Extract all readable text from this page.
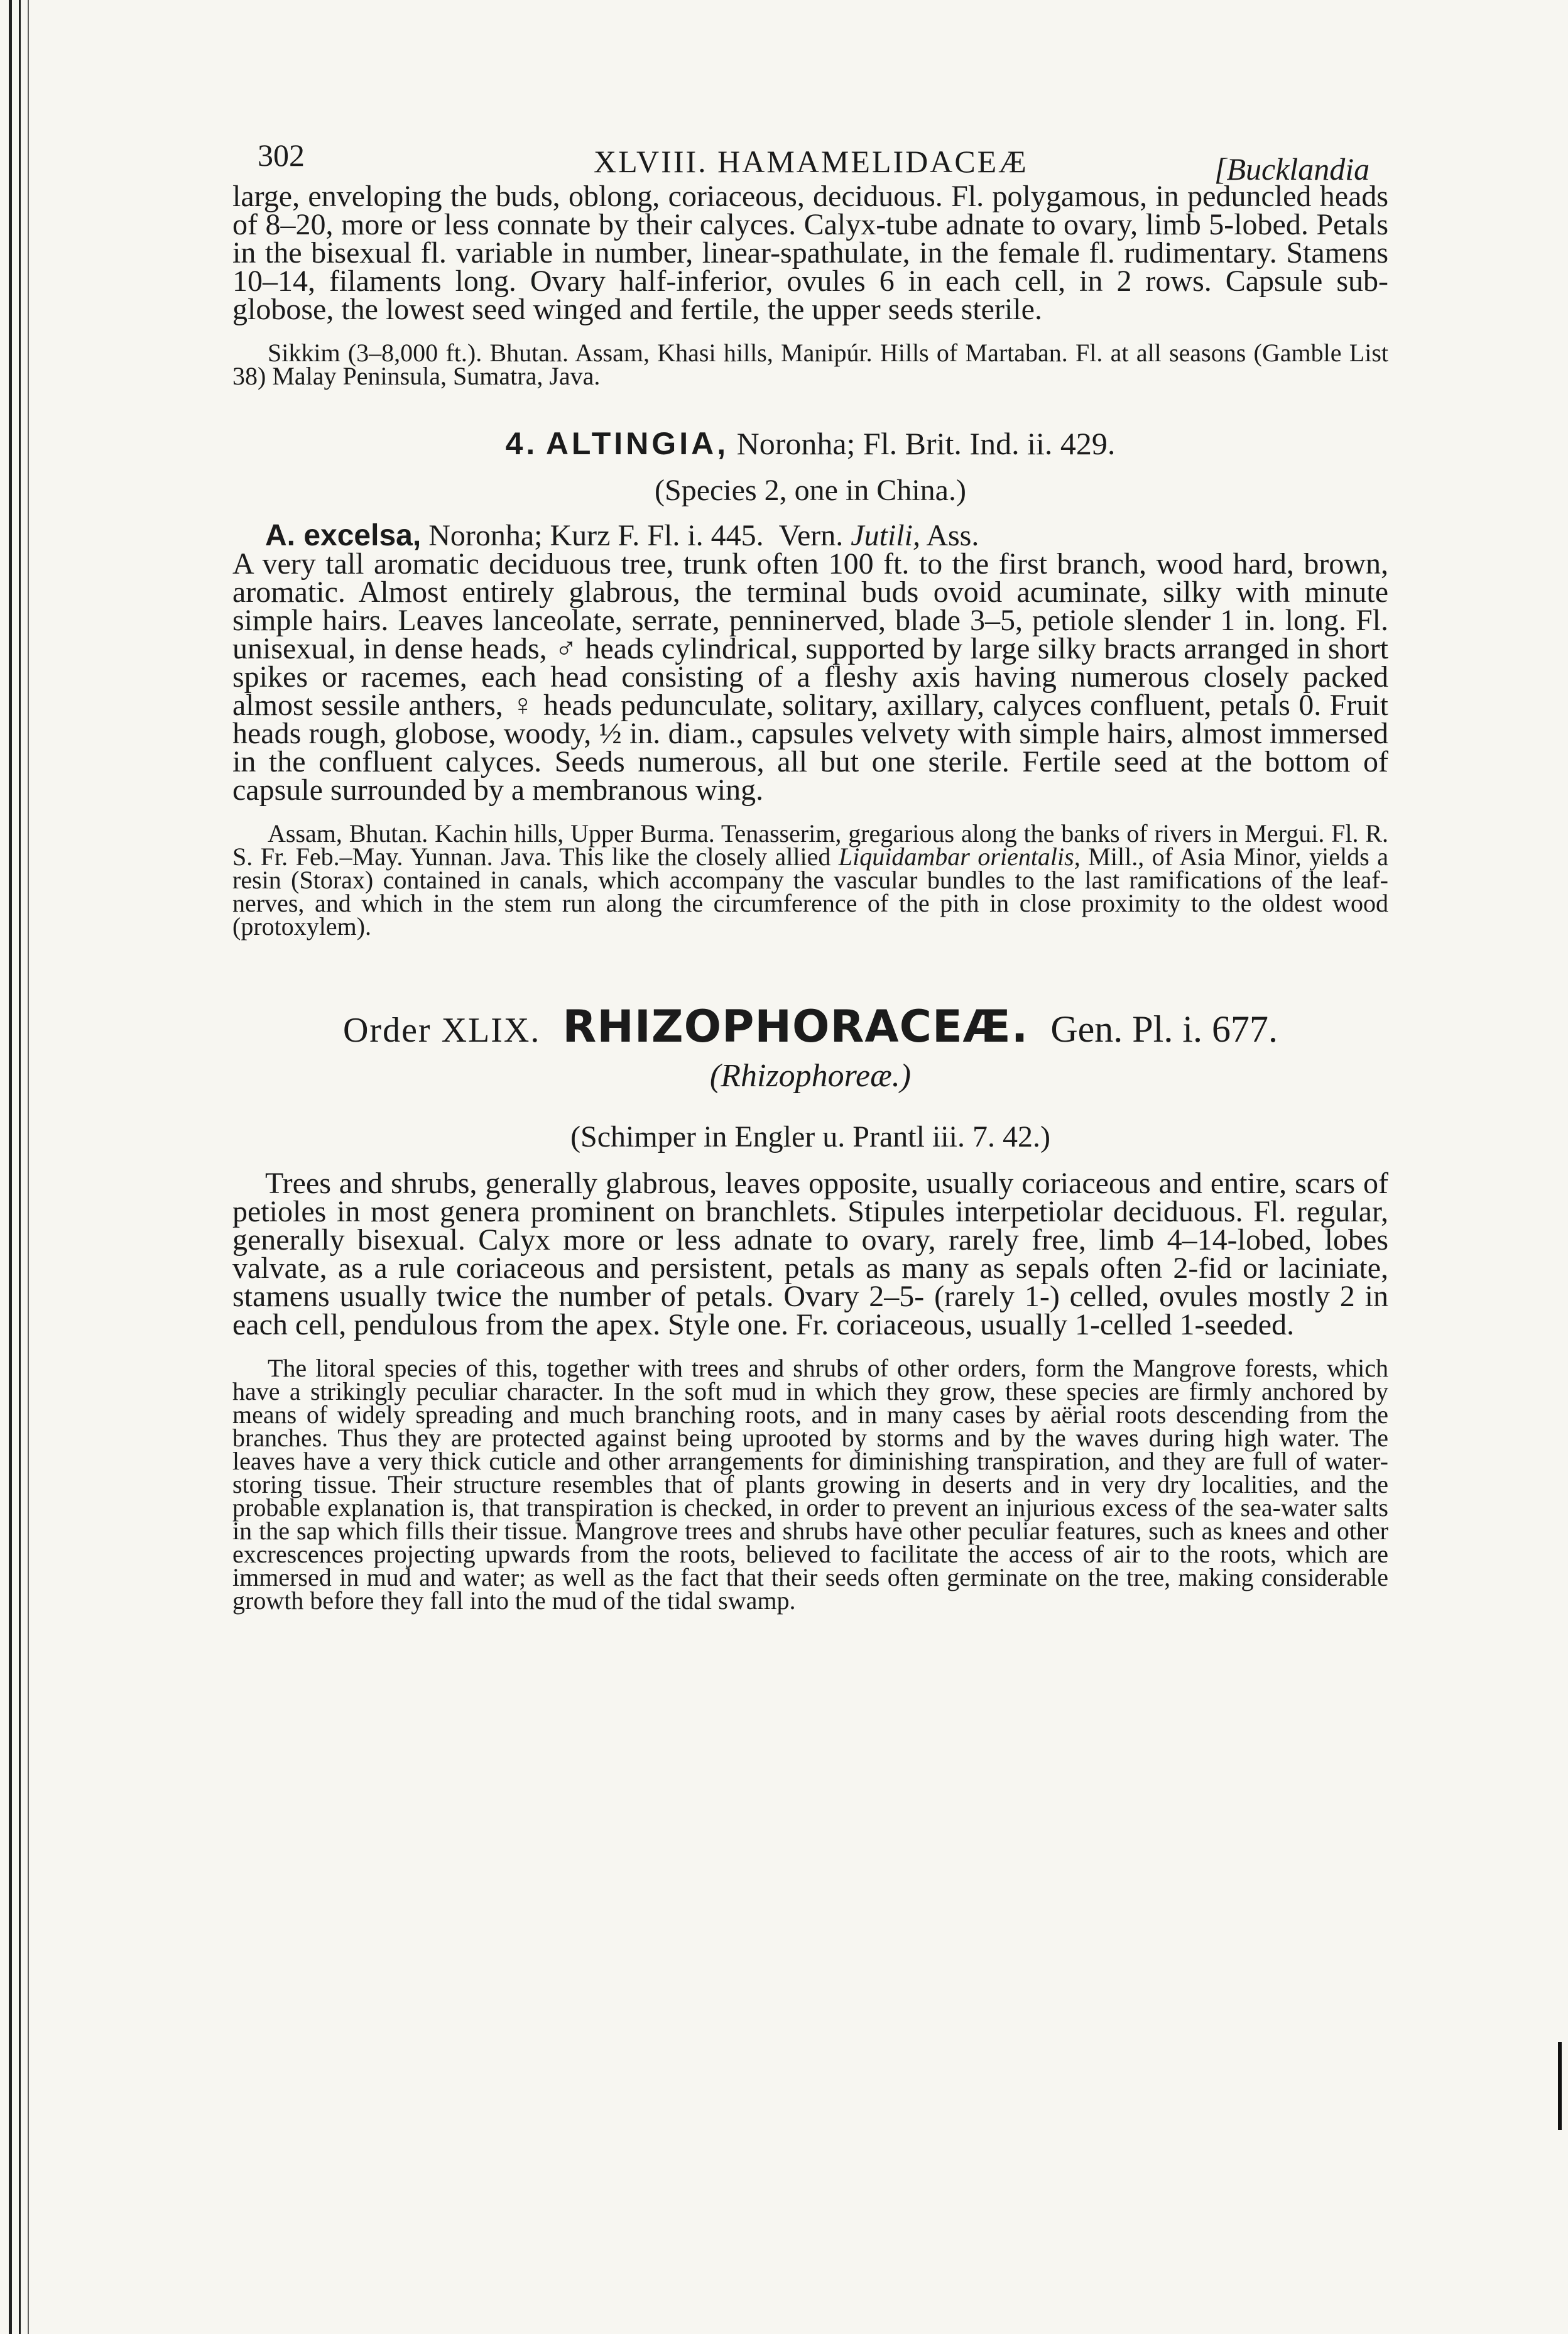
302	XLVIII. HAMAMELIDACEÆ	[Bucklandia

large, enveloping the buds, oblong, coriaceous, deciduous. Fl. polygamous, in peduncled heads of 8–20, more or less connate by their calyces. Calyx-tube adnate to ovary, limb 5-lobed. Petals in the bisexual fl. variable in number, linear-spathulate, in the female fl. rudimentary. Stamens 10–14, filaments long. Ovary half-inferior, ovules 6 in each cell, in 2 rows. Capsule sub-globose, the lowest seed winged and fertile, the upper seeds sterile.

Sikkim (3–8,000 ft.). Bhutan. Assam, Khasi hills, Manipúr. Hills of Martaban. Fl. at all seasons (Gamble List 38) Malay Peninsula, Sumatra, Java.

4. ALTINGIA, Noronha; Fl. Brit. Ind. ii. 429.

(Species 2, one in China.)

A. excelsa, Noronha; Kurz F. Fl. i. 445. Vern. Jutili, Ass.

A very tall aromatic deciduous tree, trunk often 100 ft. to the first branch, wood hard, brown, aromatic. Almost entirely glabrous, the terminal buds ovoid acuminate, silky with minute simple hairs. Leaves lanceolate, serrate, penninerved, blade 3–5, petiole slender 1 in. long. Fl. unisexual, in dense heads, ♂ heads cylindrical, supported by large silky bracts arranged in short spikes or racemes, each head consisting of a fleshy axis having numerous closely packed almost sessile anthers, ♀ heads pedunculate, solitary, axillary, calyces confluent, petals 0. Fruit heads rough, globose, woody, ½ in. diam., capsules velvety with simple hairs, almost immersed in the confluent calyces. Seeds numerous, all but one sterile. Fertile seed at the bottom of capsule surrounded by a membranous wing.

Assam, Bhutan. Kachin hills, Upper Burma. Tenasserim, gregarious along the banks of rivers in Mergui. Fl. R. S. Fr. Feb.–May. Yunnan. Java. This like the closely allied Liquidambar orientalis, Mill., of Asia Minor, yields a resin (Storax) contained in canals, which accompany the vascular bundles to the last ramifications of the leaf-nerves, and which in the stem run along the circumference of the pith in close proximity to the oldest wood (protoxylem).

Order XLIX. RHIZOPHORACEÆ. Gen. Pl. i. 677.

(Rhizophoreæ.)

(Schimper in Engler u. Prantl iii. 7. 42.)

Trees and shrubs, generally glabrous, leaves opposite, usually coriaceous and entire, scars of petioles in most genera prominent on branchlets. Stipules interpetiolar deciduous. Fl. regular, generally bisexual. Calyx more or less adnate to ovary, rarely free, limb 4–14-lobed, lobes valvate, as a rule coriaceous and persistent, petals as many as sepals often 2-fid or laciniate, stamens usually twice the number of petals. Ovary 2–5- (rarely 1-) celled, ovules mostly 2 in each cell, pendulous from the apex. Style one. Fr. coriaceous, usually 1-celled 1-seeded.

The litoral species of this, together with trees and shrubs of other orders, form the Mangrove forests, which have a strikingly peculiar character. In the soft mud in which they grow, these species are firmly anchored by means of widely spreading and much branching roots, and in many cases by aërial roots descending from the branches. Thus they are protected against being uprooted by storms and by the waves during high water. The leaves have a very thick cuticle and other arrangements for diminishing transpiration, and they are full of water-storing tissue. Their structure resembles that of plants growing in deserts and in very dry localities, and the probable explanation is, that transpiration is checked, in order to prevent an injurious excess of the sea-water salts in the sap which fills their tissue. Mangrove trees and shrubs have other peculiar features, such as knees and other excrescences projecting upwards from the roots, believed to facilitate the access of air to the roots, which are immersed in mud and water; as well as the fact that their seeds often germinate on the tree, making considerable growth before they fall into the mud of the tidal swamp.
